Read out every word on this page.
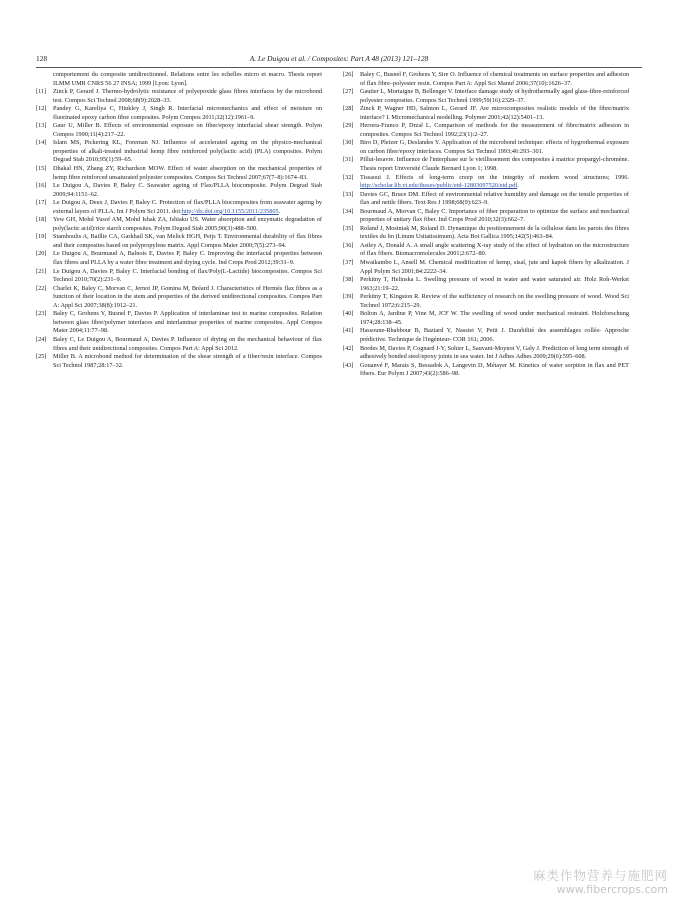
128	A. Le Duigou et al. / Composites: Part A 48 (2013) 121–128

comportement du composite unidirectionnel. Relations entre les echelles micro et macro. Thesis report ILMM UMR CNRS 56 27 INSA; 1999 [Lyon: Lyon].

[11] Zinck P, Gerard J. Thermo-hydrolytic resistance of polyepoxide glass fibres interfaces by the microbond test. Compos Sci Technol 2008;68(9):2028–33.

[12] Pandey G, Kareliya C, Hinkley J, Singh R. Interfacial micromechanics and effect of moisture on fluorinated epoxy carbon fibre composites. Polym Compos 2011;32(12):1961–9.

[13] Gaur U, Miller B. Effects of environmental exposure on fiber/epoxy interfacial shear strength. Polym Compos 1990;11(4):217–22.

[14] Islam MS, Pickering KL, Foreman NJ. Influence of accelerated ageing on the physico-mechanical properties of alkali-treated industrial hemp fibre reinforced poly(lactic acid) (PLA) composites. Polym Degrad Stab 2010;95(1):59–65.

[15] Dhakal HN, Zhang ZY, Richardson MOW. Effect of water absorption on the mechanical properties of hemp fibre reinforced unsaturated polyester composites. Compos Sci Technol 2007;67(7–8):1674–83.

[16] Le Duigou A, Davies P, Baley C. Seawater ageing of Flax/PLLA biocomposite. Polym Degrad Stab 2009;94:1151–62.

[17] Le Duigou A, Deux J, Davies P, Baley C. Protection of flax/PLLA biocomposites from seawater ageing by external layers of PLLA. Int J Polym Sci 2011. doi:http://dx.doi.org/10.1155/2011/235805.

[18] Yew GH, Mohd Yusof AM, Mohd Ishak ZA, Ishiaku US. Water absorption and enzymatic degradation of poly(lactic acid)/rice starch composites. Polym Degrad Stab 2005;90(3):488–500.

[19] Stamboulis A, Baillie CA, Garkhail SK, van Melick HGH, Peijs T. Environmental durability of flax fibres and their composites based on polypropylene matrix. Appl Compos Mater 2000;7(5):273–94.

[20] Le Duigou A, Bourmaud A, Balnois E, Davies P, Baley C. Improving the interfacial properties between flax fibres and PLLA by a water fibre treatment and drying cycle. Ind Crops Prod 2012;39:31–9.

[21] Le Duigou A, Davies P, Baley C. Interfacial bonding of flax/Poly(L-Lactide) biocomposites. Compos Sci Technol 2010;70(2):231–9.

[22] Charlet K, Baley C, Morvan C, Jernot JP, Gomina M, Bréard J. Characteristics of Hermès flax fibres as a function of their location in the stem and properties of the derived unidirectional composites. Compos Part A: Appl Sci 2007;38(8):1912–21.

[23] Baley C, Grohens Y, Busnel F, Davies P. Application of interlaminar test to marine composites. Relation between glass fibre/polymer interfaces and interlaminar properties of marine composites. Appl Compos Mater 2004;11:77–98.

[24] Baley C, Le Duigou A, Bourmaud A, Davies P. Influence of drying on the mechanical behaviour of flax fibres and their unidirectional composites. Compos Part A: Appl Sci 2012.

[25] Miller B. A microbond method for determination of the shear strength of a fiber/resin interface. Compos Sci Technol 1987;28:17–32.

[26] Baley C, Busnel F, Grohens Y, Sire O. Influence of chemical treatments on surface properties and adhesion of flax fibre–polyester resin. Compos Part A: Appl Sci Manuf 2006;37(10):1626–37.

[27] Gautier L, Mortaigne B, Bellenger V. Interface damage study of hydrothermally aged glass-fibre-reinforced polyester composites. Compos Sci Technol 1999;59(16):2329–37.

[28] Zinck P, Wagner HD, Salmon L, Gerard JF. Are microcomposites realistic models of the fibre/matrix interface? I. Micromechanical modelling. Polymer 2001;42(12):5401–13.

[29] Herrera-Franco P, Drzal L. Comparison of methods for the measurement of fibre/matrix adhesion in composites. Compos Sci Technol 1992;23(1):2–27.

[30] Biro D, Pleizer G, Deslandes Y. Application of the microbond technique: effects of hygrothermal exposure on carbon fiber/epoxy interfaces. Compos Sci Technol 1993;46:293–301.

[31] Pillut-lesavre. Influence de l'interphase sur le vieillissement des composites à matrice propargyl-chromène. Thesis report Université Claude Bernard Lyon 1; 1998.

[32] Tissaoui J. Effects of long-term creep on the integrity of modern wood structures; 1996. http://scholar.lib.vt.edu/theses/public/etd-12803097520/etd.pdf.

[33] Davies GC, Bruce DM. Effect of environmental relative humidity and damage on the tensile properties of flax and nettle fibers. Text Res J 1998;68(9):623–9.

[34] Bourmaud A, Morvan C, Baley C. Importance of fiber preparation to optimize the surface and mechanical properties of unitary flax fiber. Ind Crops Prod 2010;32(3):662–7.

[35] Roland J, Mosiniak M, Roland D. Dynamique du positionnement de la cellulose dans les parois des fibres textiles du lin (Linum Usitatissimum). Acta Bot Gallica 1995;142(5):463–84.

[36] Astley A, Donald A. A small angle scattering X-ray study of the effect of hydration on the microstructure of flax fibers. Biomacromolecules 2001;2:672–80.

[37] Mwaikambo L, Ansell M. Chemical modification of hemp, sisal, jute and kapok fibers by alkalization. J Appl Polym Sci 2001;84:2222–34.

[38] Perkitny T, Helinska L. Swelling pressure of wood in water and water saturated air. Holz Roh-Werkst 1963;21:19–22.

[39] Perkitny T, Kingston R. Review of the sufficiency of research on the swelling pressure of wood. Wood Sci Technol 1972;6:215–29.

[40] Bolton A, Jardine P, Vine M, JCF W. The swelling of wood under mechanical restraint. Holzforschung 1974;28:138–45.

[41] Hassoune-Rhabbour B, Baziard Y, Nassiet V, Petit J. Durabilité des assemblages collés- Approche prédictive. Technique de l'ingénieur- COR 161; 2006.

[42] Bordes M, Davies P, Cognard J-Y, Sohier L, Sauvant-Moynot V, Galy J. Prediction of long term strength of adhesively bonded steel/epoxy joints in sea water. Int J Adhes Adhes 2009;29(6):595–608.

[43] Gouanvé F, Marais S, Bessadok A, Langevin D, Métayer M. Kinetics of water sorption in flax and PET fibers. Eur Polym J 2007;43(2):586–98.

麻类作物营养与施肥网
www.fibercrops.com
